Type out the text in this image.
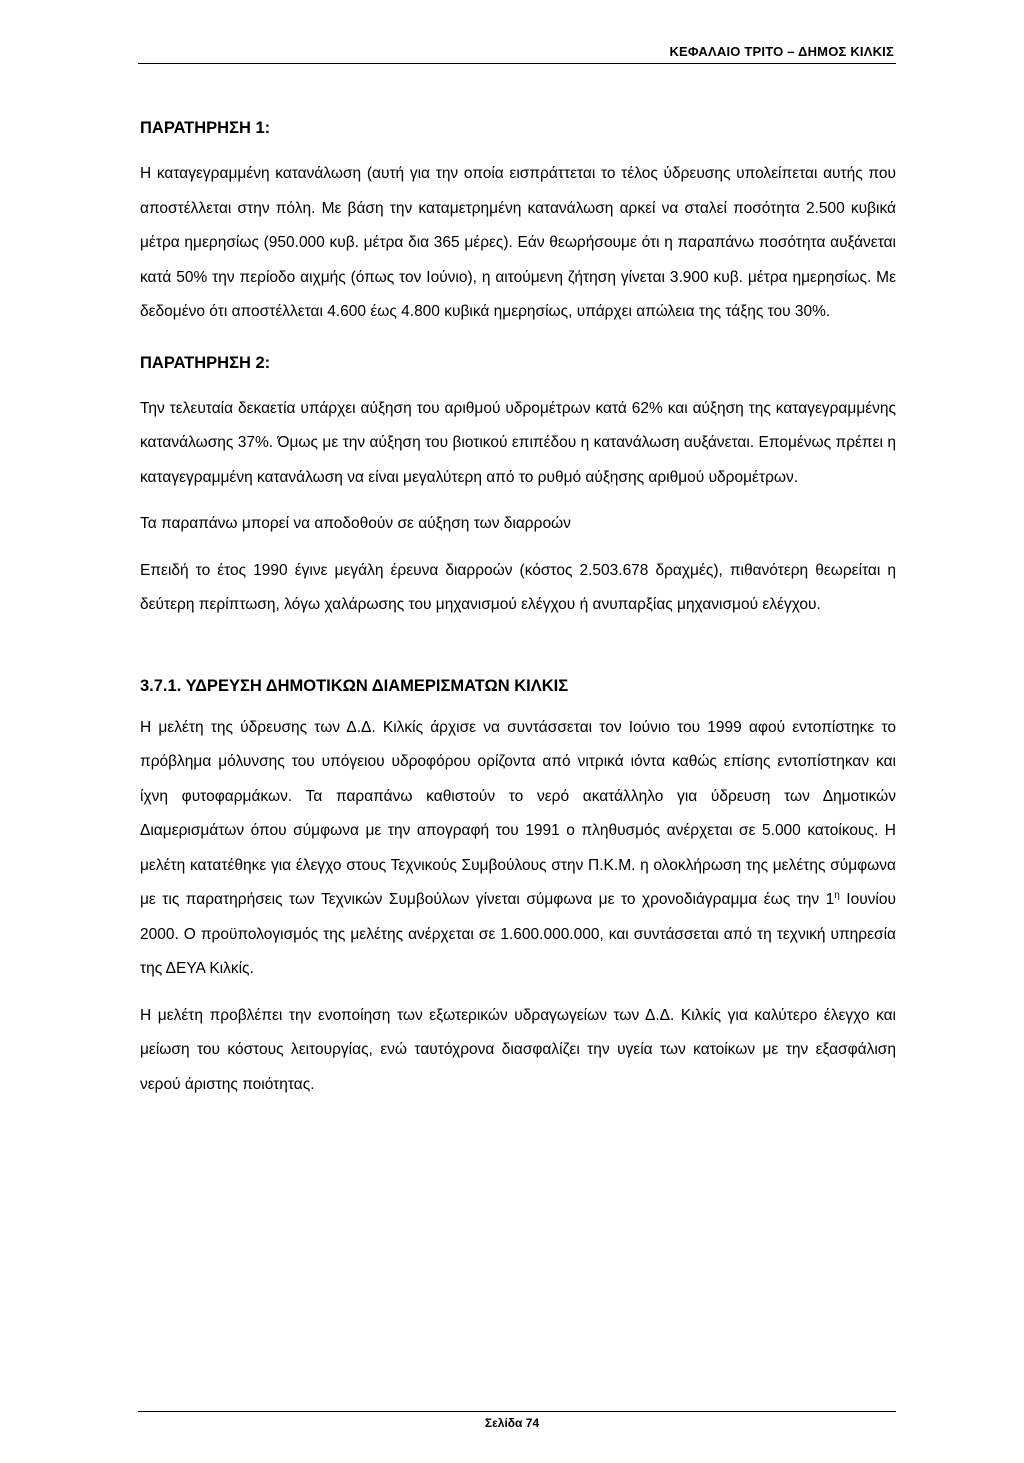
ΚΕΦΑΛΑΙΟ ΤΡΙΤΟ – ΔΗΜΟΣ ΚΙΛΚΙΣ

ΠΑΡΑΤΗΡΗΣΗ 1:

Η καταγεγραμμένη κατανάλωση (αυτή για την οποία εισπράττεται το τέλος ύδρευσης υπολείπεται αυτής που αποστέλλεται στην πόλη. Με βάση την καταμετρημένη κατανάλωση αρκεί να σταλεί ποσότητα 2.500 κυβικά μέτρα ημερησίως (950.000 κυβ. μέτρα δια 365 μέρες). Εάν θεωρήσουμε ότι η παραπάνω ποσότητα αυξάνεται κατά 50% την περίοδο αιχμής (όπως τον Ιούνιο), η αιτούμενη ζήτηση γίνεται 3.900 κυβ. μέτρα ημερησίως. Με δεδομένο ότι αποστέλλεται 4.600 έως 4.800 κυβικά ημερησίως, υπάρχει απώλεια της τάξης του 30%.

ΠΑΡΑΤΗΡΗΣΗ 2:

Την τελευταία δεκαετία υπάρχει αύξηση του αριθμού υδρομέτρων κατά 62% και αύξηση της καταγεγραμμένης κατανάλωσης 37%. Όμως με την αύξηση του βιοτικού επιπέδου η κατανάλωση αυξάνεται. Επομένως πρέπει η καταγεγραμμένη κατανάλωση να είναι μεγαλύτερη από το ρυθμό αύξησης αριθμού υδρομέτρων.

Τα παραπάνω μπορεί να αποδοθούν σε αύξηση των διαρροών

Επειδή το έτος 1990 έγινε μεγάλη έρευνα διαρροών (κόστος 2.503.678 δραχμές), πιθανότερη θεωρείται η δεύτερη περίπτωση, λόγω χαλάρωσης του μηχανισμού ελέγχου ή ανυπαρξίας μηχανισμού ελέγχου.

3.7.1. ΥΔΡΕΥΣΗ ΔΗΜΟΤΙΚΩΝ ΔΙΑΜΕΡΙΣΜΑΤΩΝ ΚΙΛΚΙΣ

Η μελέτη της ύδρευσης των Δ.Δ. Κιλκίς άρχισε να συντάσσεται τον Ιούνιο του 1999 αφού εντοπίστηκε το πρόβλημα μόλυνσης του υπόγειου υδροφόρου ορίζοντα από νιτρικά ιόντα καθώς επίσης εντοπίστηκαν και ίχνη φυτοφαρμάκων. Τα παραπάνω καθιστούν το νερό ακατάλληλο για ύδρευση των Δημοτικών Διαμερισμάτων όπου σύμφωνα με την απογραφή του 1991 ο πληθυσμός ανέρχεται σε 5.000 κατοίκους. Η μελέτη κατατέθηκε για έλεγχο στους Τεχνικούς Συμβούλους στην Π.Κ.Μ. η ολοκλήρωση της μελέτης σύμφωνα με τις παρατηρήσεις των Τεχνικών Συμβούλων γίνεται σύμφωνα με το χρονοδιάγραμμα έως την $1^\eta$ Ιουνίου 2000. Ο προϋπολογισμός της μελέτης ανέρχεται σε 1.600.000.000, και συντάσσεται από τη τεχνική υπηρεσία της ΔΕΥΑ Κιλκίς.

Η μελέτη προβλέπει την ενοποίηση των εξωτερικών υδραγωγείων των Δ.Δ. Κιλκίς για καλύτερο έλεγχο και μείωση του κόστους λειτουργίας, ενώ ταυτόχρονα διασφαλίζει την υγεία των κατοίκων με την εξασφάλιση νερού άριστης ποιότητας.

Σελίδα 74
